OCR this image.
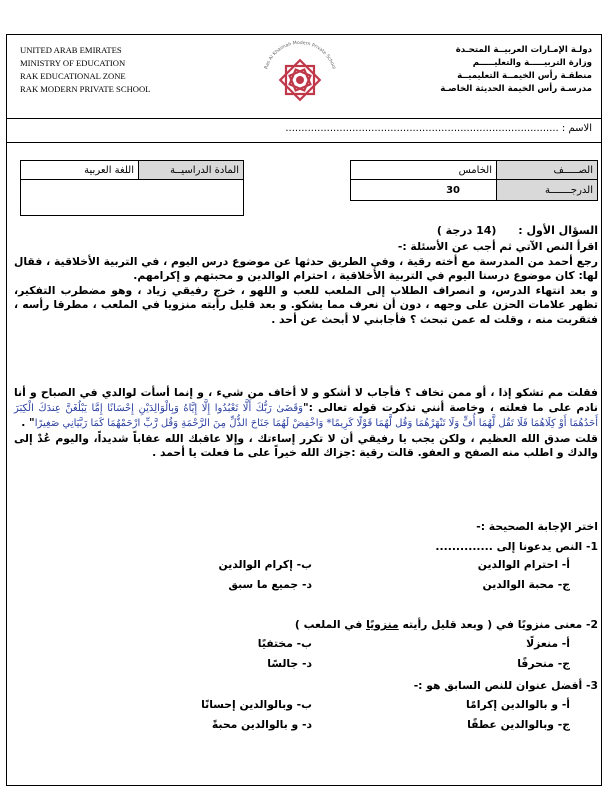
UNITED ARAB EMIRATES
MINISTRY OF EDUCATION
RAK EDUCATIONAL ZONE
RAK MODERN PRIVATE SCHOOL
Ras Al Khaimah Modern Private School
دولـة الإمـارات العربيــة المتحـدة
وزارة التربيـــــة والتعليـــــم
منطقـة رأس الخيمــة التعليميــة
مدرسـة رأس الخيمة الحديثة الخاصـة
الاسم : ......................................................................................
الصـــــف	الخامس
الدرجـــــــة	30
المادة الدراسيــة	اللغة العربية
السؤال الأول : (14 درجة )

اقرأ النص الآتي ثم أجب عن الأسئلة :-

رجع أحمد من المدرسة مع أخته رقية ، وفي الطريق حدثها عن موضوع درس اليوم ، في التربية الأخلاقية ، فقال لها: كان موضوع درسنا اليوم في التربية الأخلاقية ، احترام الوالدين و محبتهم و إكرامهم.

و بعد انتهاء الدرس، و انصراف الطلاب إلى الملعب للعب و اللهو ، خرج رفيقي زياد ، وهو مضطرب التفكير، تظهر علامات الحزن على وجهه ، دون أن نعرف مما يشكو. و بعد قليل رأيته منزويا في الملعب ، مطرقا رأسه ، فتقربت منه ، وقلت له عمن تبحث ؟ فأجابني لا أبحث عن أحد .

فقلت مم تشكو إذا ، أو ممن تخاف ؟ فأجاب لا أشكو و لا أخاف من شيء ، و إنما أسأت لوالدي في الصباح و أنا نادم على ما فعلته ، وخاصة أنني تذكرت قوله تعالى :"وَقَضَىٰ رَبُّكَ أَلَّا تَعْبُدُوا إِلَّا إِيَّاهُ وَبِالْوَالِدَيْنِ إِحْسَانًا إِمَّا يَبْلُغَنَّ عِندَكَ الْكِبَرَ أَحَدُهُمَا أَوْ كِلَاهُمَا فَلَا تَقُل لَّهُمَا أُفٍّ وَلَا تَنْهَرْهُمَا وَقُل لَّهُمَا قَوْلًا كَرِيمًا* وَاخْفِضْ لَهُمَا جَنَاحَ الذُّلِّ مِنَ الرَّحْمَةِ وَقُل رَّبِّ ارْحَمْهُمَا كَمَا رَبَّيَانِي صَغِيرًا" .

قلت صدق الله العظيم ، ولكن يجب يا رفيقي أن لا تكرر إساءتك ، وإلا عاقبك الله عقاباً شديداً، واليوم عُدْ إلى والدك و اطلب منه الصفح و العفو. قالت رقية :جزاك الله خيراً على ما فعلت يا أحمد .

اختر الإجابة الصحيحة :-
1- النص يدعونا إلى ..............
أ- احترام الوالدين
ب- إكرام الوالدين
ج- محبة الوالدين
د- جميع ما سبق
2- معنى منزويًا في ( وبعد قليل رأيته منزويًا في الملعب )
أ- منعزلًا
ب- مختفيًا
ج- منحرفًا
د- جالسًا
3- أفضل عنوان للنص السابق هو :-
أ- و بالوالدين إكرامًا
ب- وبالوالدين إحسانًا
ج- وبالوالدين عطفًا
د- و بالوالدين محبةً
